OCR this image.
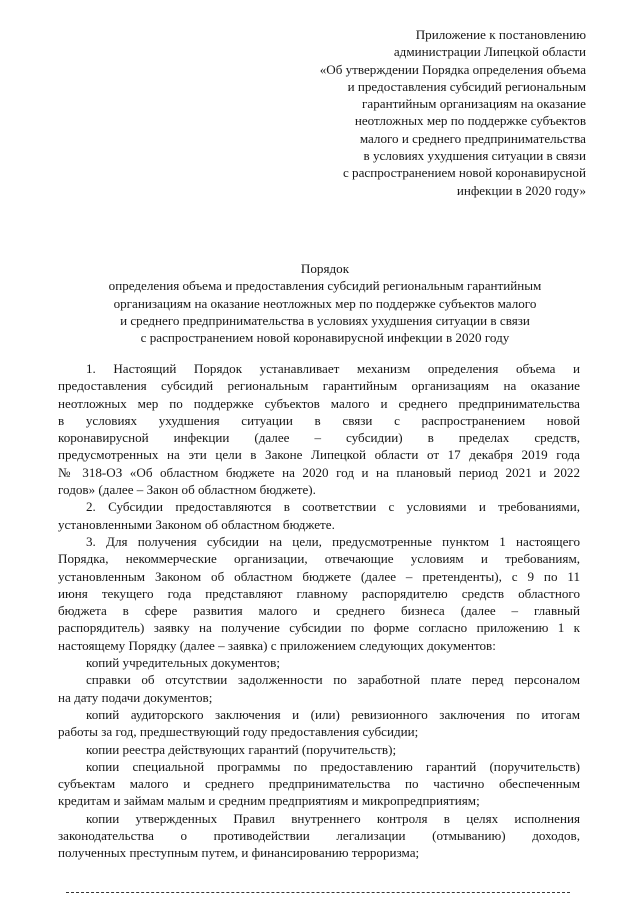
Приложение к постановлению
администрации Липецкой области
«Об утверждении Порядка определения объема
и предоставления субсидий региональным
гарантийным организациям на оказание
неотложных мер по поддержке субъектов
малого и среднего предпринимательства
в условиях ухудшения ситуации в связи
с распространением новой коронавирусной
инфекции в 2020 году»
Порядок
определения объема и предоставления субсидий региональным гарантийным
организациям на оказание неотложных мер по поддержке субъектов малого
и среднего предпринимательства в условиях ухудшения ситуации в связи
с распространением новой коронавирусной инфекции в 2020 году
1. Настоящий Порядок устанавливает механизм определения объема и
предоставления субсидий региональным гарантийным организациям на оказание
неотложных мер по поддержке субъектов малого и среднего предпринимательства
в условиях ухудшения ситуации в связи с распространением новой
коронавирусной инфекции (далее – субсидии) в пределах средств,
предусмотренных на эти цели в Законе Липецкой области от 17 декабря 2019 года
№ 318-ОЗ «Об областном бюджете на 2020 год и на плановый период 2021 и 2022
годов» (далее – Закон об областном бюджете).
2. Субсидии предоставляются в соответствии с условиями и требованиями,
установленными Законом об областном бюджете.
3. Для получения субсидии на цели, предусмотренные пунктом 1 настоящего
Порядка, некоммерческие организации, отвечающие условиям и требованиям,
установленным Законом об областном бюджете (далее – претенденты), с 9 по 11
июня текущего года представляют главному распорядителю средств областного
бюджета в сфере развития малого и среднего бизнеса (далее – главный
распорядитель) заявку на получение субсидии по форме согласно приложению 1 к
настоящему Порядку (далее – заявка) с приложением следующих документов:
копий учредительных документов;
справки об отсутствии задолженности по заработной плате перед персоналом
на дату подачи документов;
копий аудиторского заключения и (или) ревизионного заключения по итогам
работы за год, предшествующий году предоставления субсидии;
копии реестра действующих гарантий (поручительств);
копии специальной программы по предоставлению гарантий (поручительств)
субъектам малого и среднего предпринимательства по частично обеспеченным
кредитам и займам малым и средним предприятиям и микропредприятиям;
копии утвержденных Правил внутреннего контроля в целях исполнения
законодательства о противодействии легализации (отмыванию) доходов,
полученных преступным путем, и финансированию терроризма;
